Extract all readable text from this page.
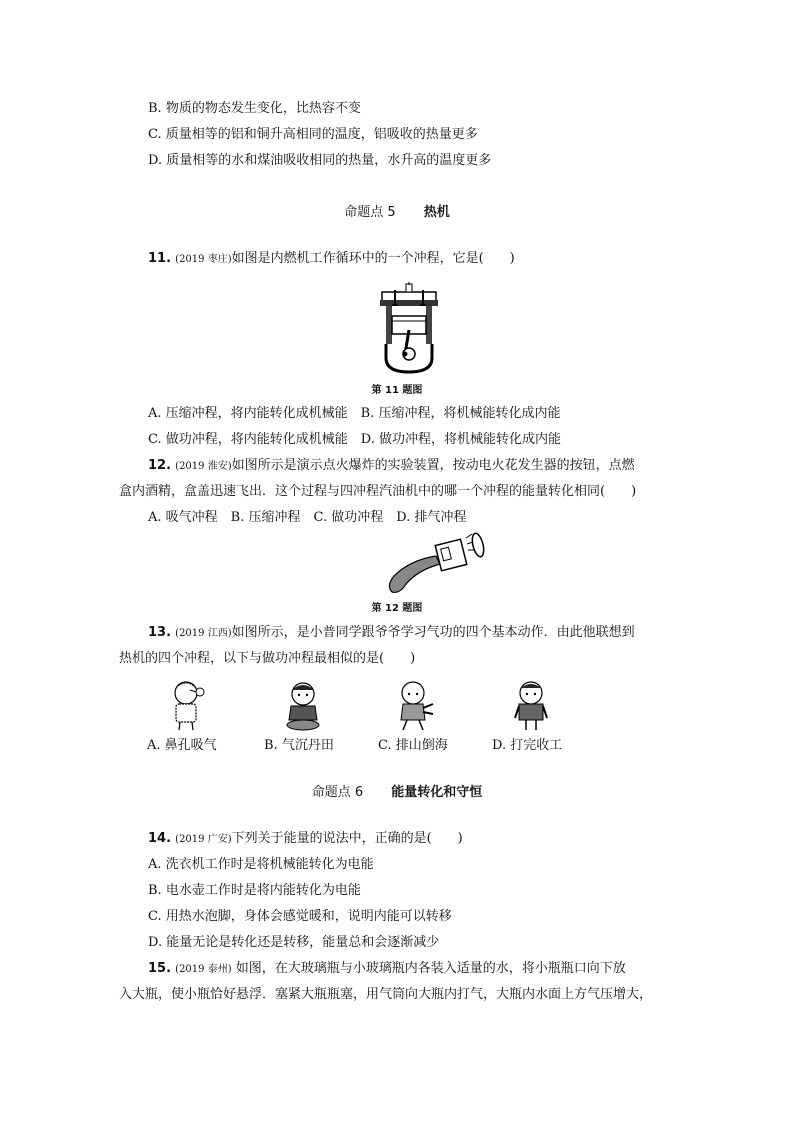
B. 物质的物态发生变化，比热容不变
C. 质量相等的铝和铜升高相同的温度，铝吸收的热量更多
D. 质量相等的水和煤油吸收相同的热量，水升高的温度更多
命题点 5 热机
11. (2019 枣庄)如图是内燃机工作循环中的一个冲程，它是(　　)
第 11 题图
A. 压缩冲程，将内能转化成机械能　B. 压缩冲程，将机械能转化成内能
C. 做功冲程，将内能转化成机械能　D. 做功冲程，将机械能转化成内能
12. (2019 淮安)如图所示是演示点火爆炸的实验装置，按动电火花发生器的按钮，点燃
盒内酒精，盒盖迅速飞出．这个过程与四冲程汽油机中的哪一个冲程的能量转化相同(　　)
A. 吸气冲程　B. 压缩冲程　C. 做功冲程　D. 排气冲程
第 12 题图
13. (2019 江西)如图所示，是小普同学跟爷爷学习气功的四个基本动作．由此他联想到
热机的四个冲程，以下与做功冲程最相似的是(　　)
A. 鼻孔吸气	B. 气沉丹田	C. 排山倒海	D. 打完收工
命题点 6 能量转化和守恒
14. (2019 广安)下列关于能量的说法中，正确的是(　　)
A. 洗衣机工作时是将机械能转化为电能
B. 电水壶工作时是将内能转化为电能
C. 用热水泡脚，身体会感觉暖和，说明内能可以转移
D. 能量无论是转化还是转移，能量总和会逐渐减少
15. (2019 泰州) 如图，在大玻璃瓶与小玻璃瓶内各装入适量的水，将小瓶瓶口向下放
入大瓶，使小瓶恰好悬浮．塞紧大瓶瓶塞，用气筒向大瓶内打气，大瓶内水面上方气压增大，
